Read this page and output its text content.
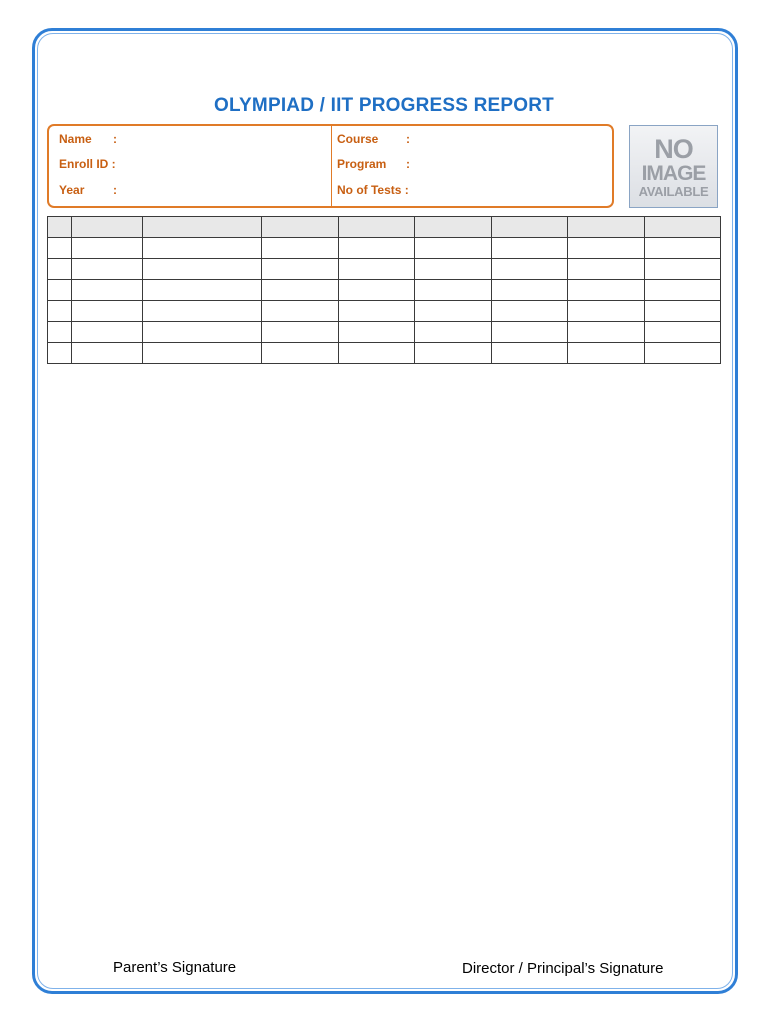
OLYMPIAD / IIT PROGRESS REPORT
Name :
Enroll ID :
Year :
Course :
Program :
No of Tests :
NO
IMAGE
AVAILABLE

Parent’s Signature	Director / Principal’s Signature
